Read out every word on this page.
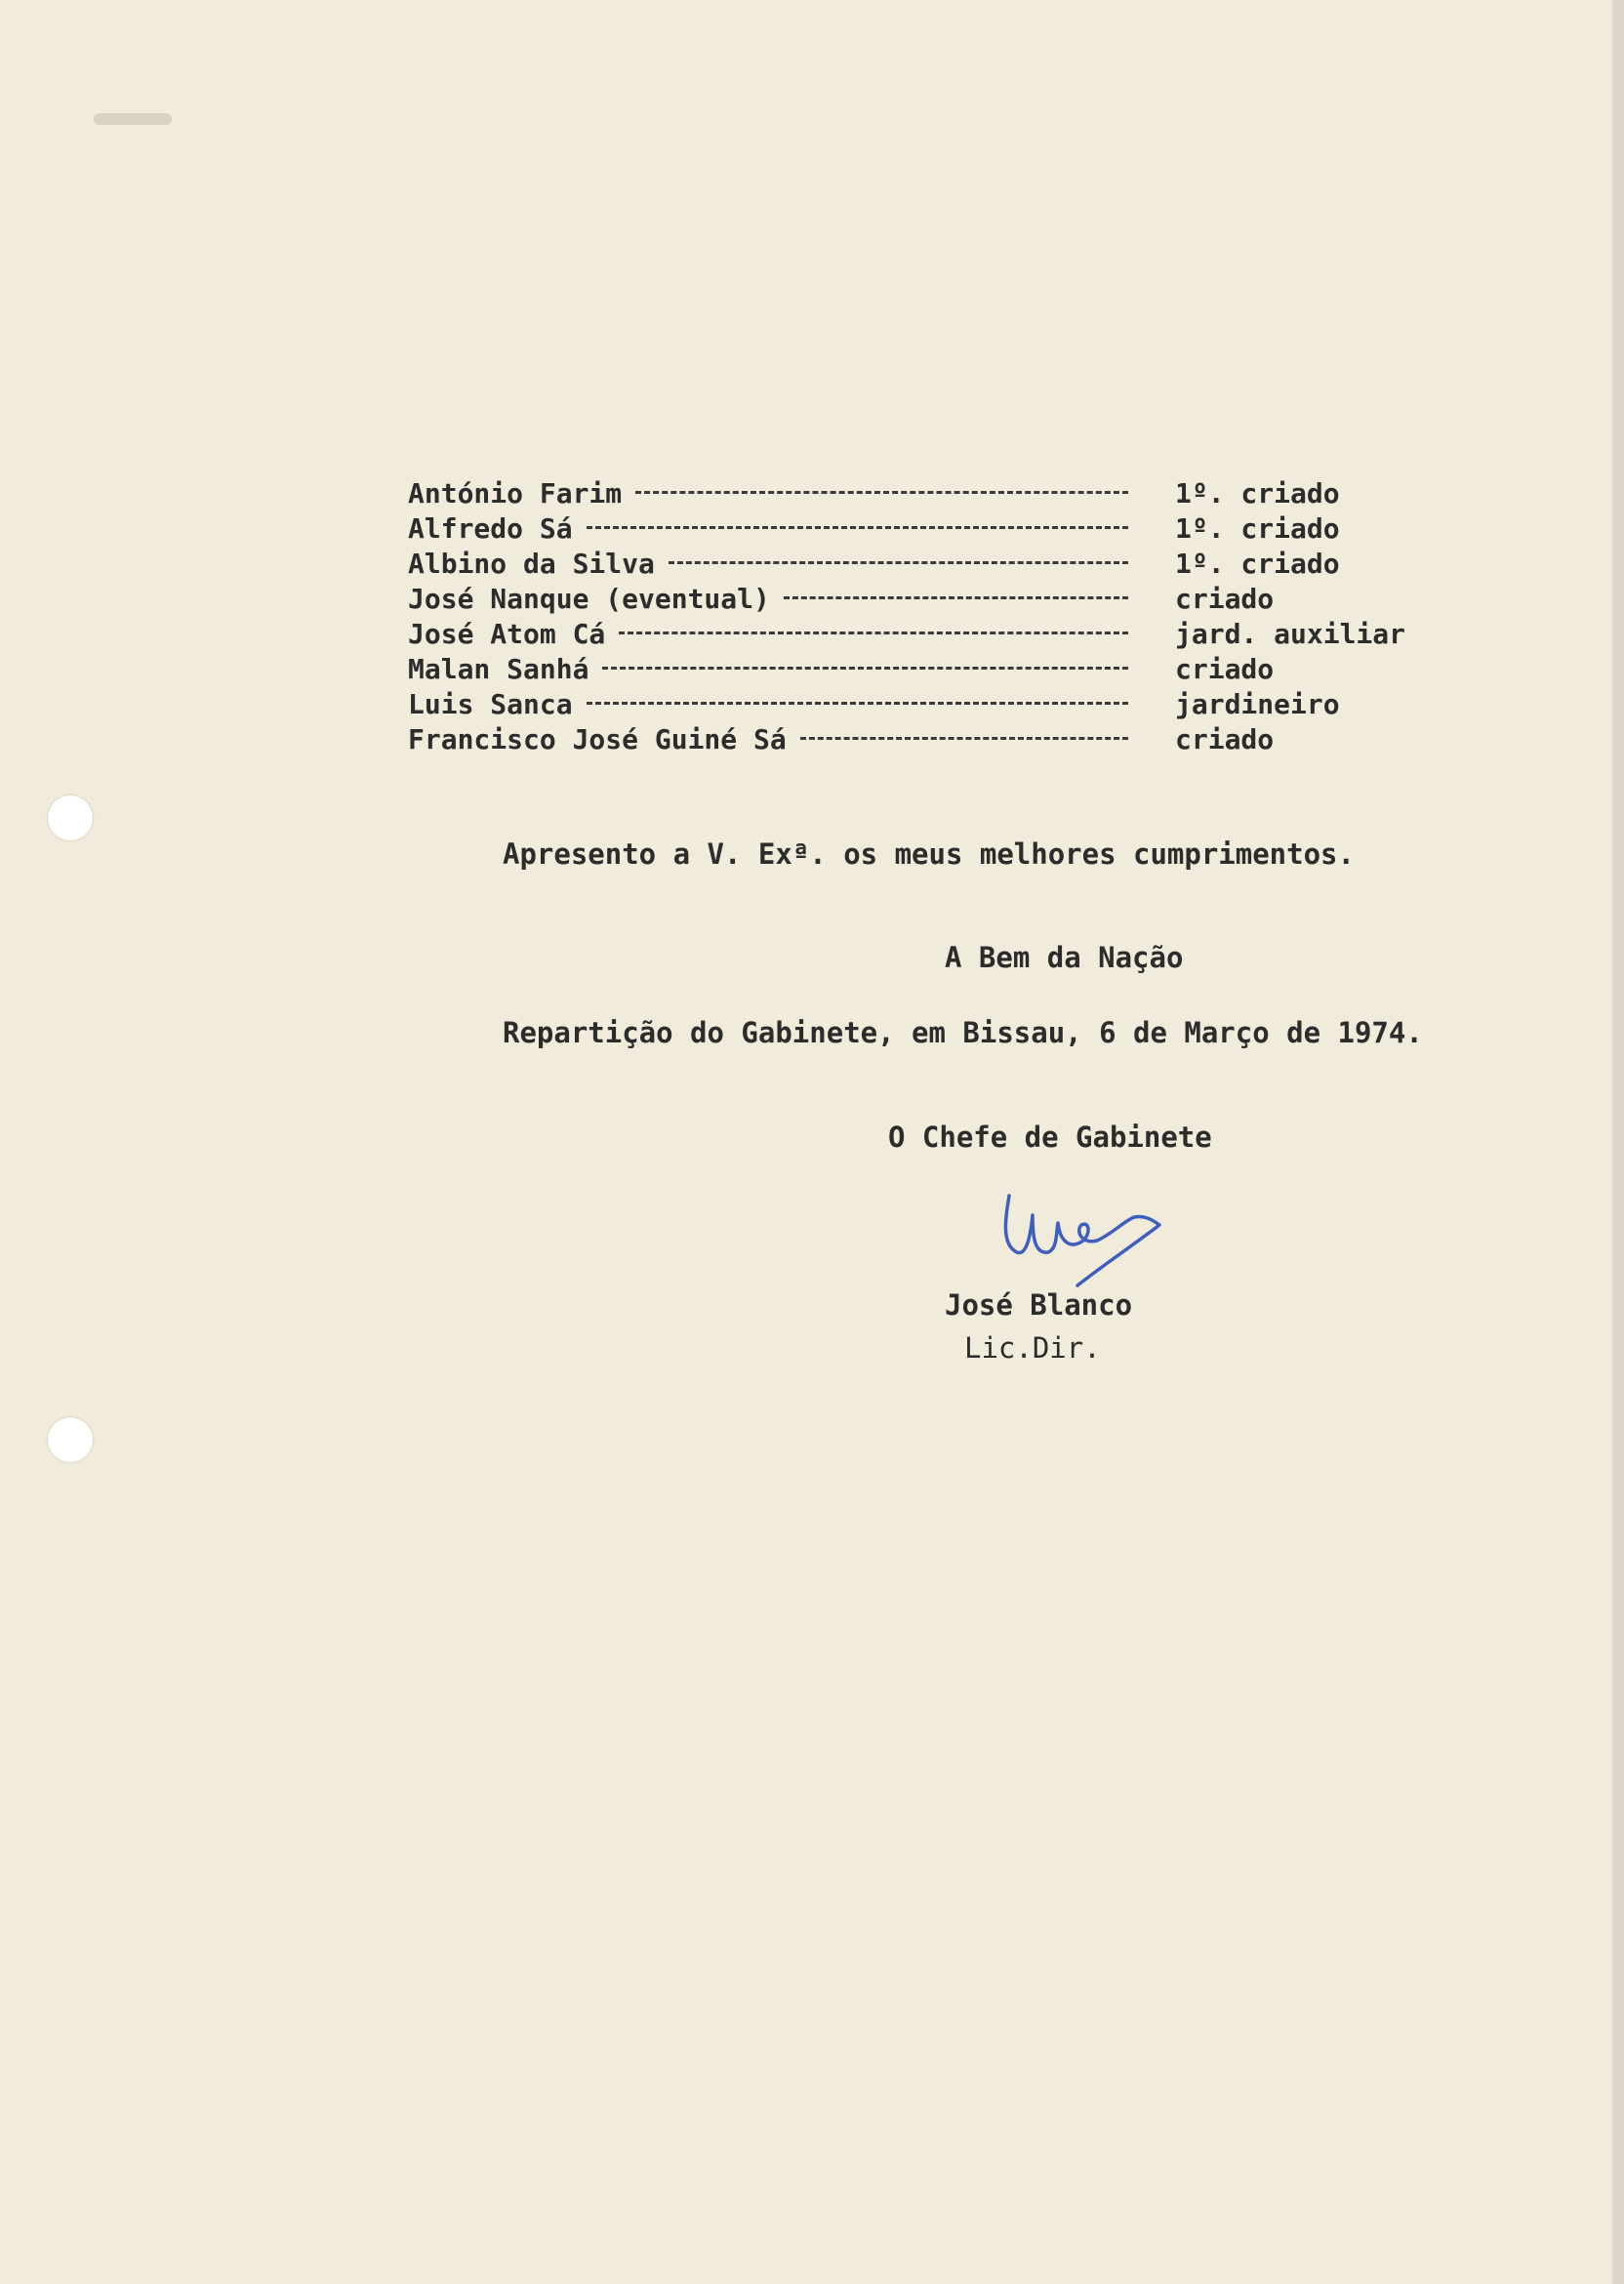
António Farim	1º. criado
Alfredo Sá	1º. criado
Albino da Silva	1º. criado
José Nanque (eventual)	criado
José Atom Cá	jard. auxiliar
Malan Sanhá	criado
Luis Sanca	jardineiro
Francisco José Guiné Sá	criado
Apresento a V. Exª. os meus melhores cumprimentos.
A Bem da Nação
Repartição do Gabinete, em Bissau, 6 de Março de 1974.
O Chefe de Gabinete
José Blanco
Lic.Dir.
